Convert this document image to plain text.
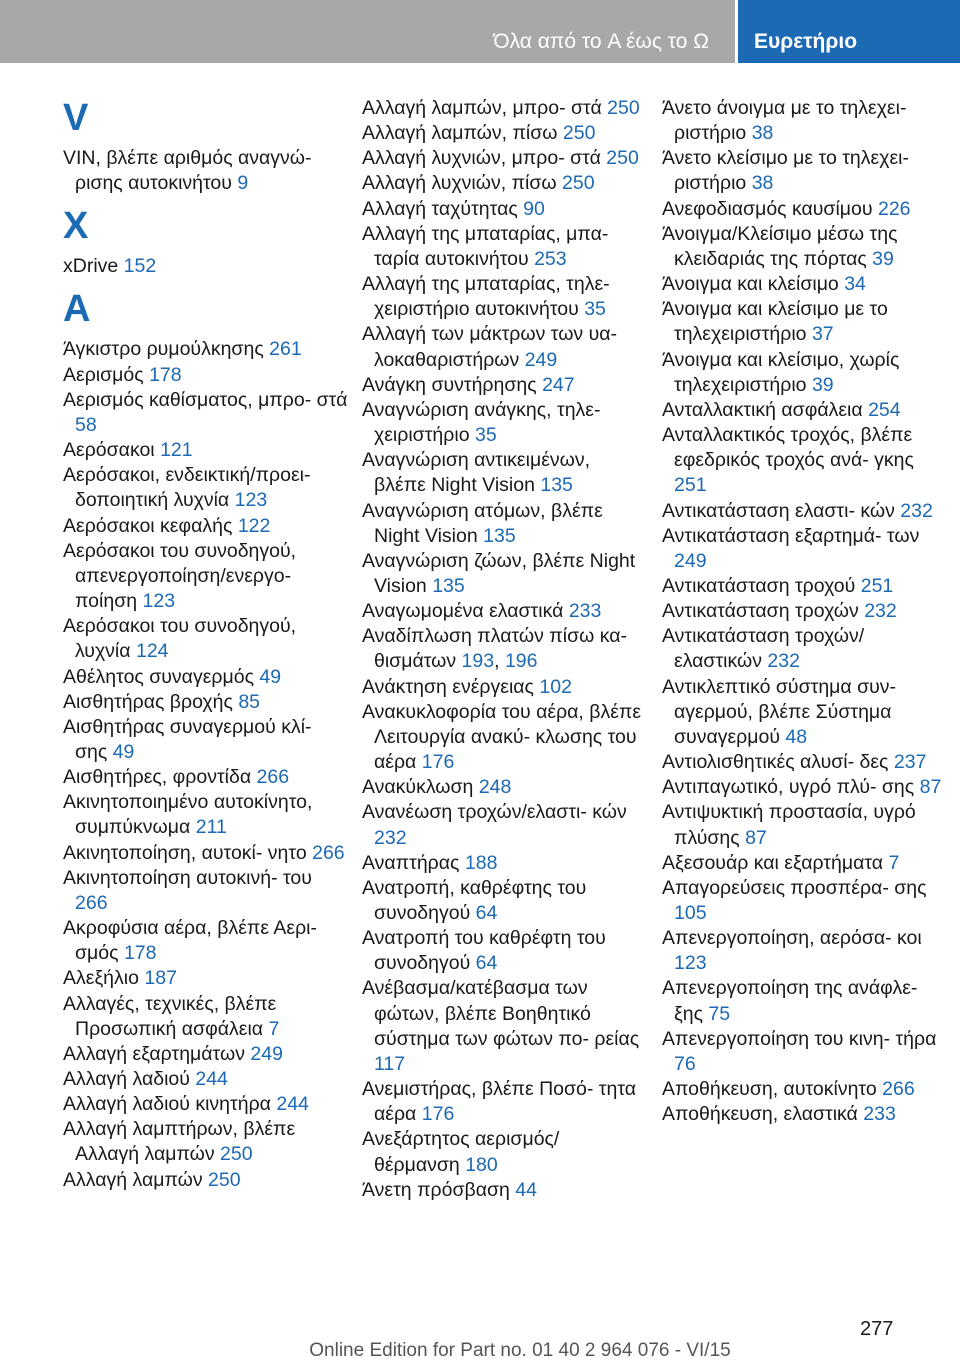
Όλα από το A έως το Ω Ευρετήριο
V
VIN, βλέπε αριθμός αναγνώ‐ ρισης αυτοκινήτου 9
X
xDrive 152
Α
Άγκιστρο ρυμούλκησης 261
Αερισμός 178
Αερισμός καθίσματος, μπρο‐ στά 58
Αερόσακοι 121
Αερόσακοι, ενδεικτική/προει‐ δοποιητική λυχνία 123
Αερόσακοι κεφαλής 122
Αερόσακοι του συνοδηγού, απενεργοποίηση/ενεργο‐ ποίηση 123
Αερόσακοι του συνοδηγού, λυχνία 124
Αθέλητος συναγερμός 49
Αισθητήρας βροχής 85
Αισθητήρας συναγερμού κλί‐ σης 49
Αισθητήρες, φροντίδα 266
Ακινητοποιημένο αυτοκίνητο, συμπύκνωμα 211
Ακινητοποίηση, αυτοκί‐ νητο 266
Ακινητοποίηση αυτοκινή‐ του 266
Ακροφύσια αέρα, βλέπε Αερι‐ σμός 178
Αλεξήλιο 187
Αλλαγές, τεχνικές, βλέπε Προσωπική ασφάλεια 7
Αλλαγή εξαρτημάτων 249
Αλλαγή λαδιού 244
Αλλαγή λαδιού κινητήρα 244
Αλλαγή λαμπτήρων, βλέπε Αλλαγή λαμπών 250
Αλλαγή λαμπών 250
Αλλαγή λαμπών, μπρο‐ στά 250
Αλλαγή λαμπών, πίσω 250
Αλλαγή λυχνιών, μπρο‐ στά 250
Αλλαγή λυχνιών, πίσω 250
Αλλαγή ταχύτητας 90
Αλλαγή της μπαταρίας, μπα‐ ταρία αυτοκινήτου 253
Αλλαγή της μπαταρίας, τηλε‐ χειριστήριο αυτοκινήτου 35
Αλλαγή των μάκτρων των υα‐ λοκαθαριστήρων 249
Ανάγκη συντήρησης 247
Αναγνώριση ανάγκης, τηλε‐ χειριστήριο 35
Αναγνώριση αντικειμένων, βλέπε Night Vision 135
Αναγνώριση ατόμων, βλέπε Night Vision 135
Αναγνώριση ζώων, βλέπε Night Vision 135
Αναγωμομένα ελαστικά 233
Αναδίπλωση πλατών πίσω κα‐ θισμάτων 193, 196
Ανάκτηση ενέργειας 102
Ανακυκλοφορία του αέρα, βλέπε Λειτουργία ανακύ‐ κλωσης του αέρα 176
Ανακύκλωση 248
Ανανέωση τροχών/ελαστι‐ κών 232
Αναπτήρας 188
Ανατροπή, καθρέφτης του συνοδηγού 64
Ανατροπή του καθρέφτη του συνοδηγού 64
Ανέβασμα/κατέβασμα των φώτων, βλέπε Βοηθητικό σύστημα των φώτων πο‐ ρείας 117
Ανεμιστήρας, βλέπε Ποσό‐ τητα αέρα 176
Ανεξάρτητος αερισμός/ θέρμανση 180
Άνετη πρόσβαση 44
Άνετο άνοιγμα με το τηλεχει‐ ριστήριο 38
Άνετο κλείσιμο με το τηλεχει‐ ριστήριο 38
Ανεφοδιασμός καυσίμου 226
Άνοιγμα/Κλείσιμο μέσω της κλειδαριάς της πόρτας 39
Άνοιγμα και κλείσιμο 34
Άνοιγμα και κλείσιμο με το τηλεχειριστήριο 37
Άνοιγμα και κλείσιμο, χωρίς τηλεχειριστήριο 39
Ανταλλακτική ασφάλεια 254
Ανταλλακτικός τροχός, βλέπε εφεδρικός τροχός ανά‐ γκης 251
Αντικατάσταση ελαστι‐ κών 232
Αντικατάσταση εξαρτημά‐ των 249
Αντικατάσταση τροχού 251
Αντικατάσταση τροχών 232
Αντικατάσταση τροχών/ ελαστικών 232
Αντικλεπτικό σύστημα συν‐ αγερμού, βλέπε Σύστημα συναγερμού 48
Αντιολισθητικές αλυσί‐ δες 237
Αντιπαγωτικό, υγρό πλύ‐ σης 87
Αντιψυκτική προστασία, υγρό πλύσης 87
Αξεσουάρ και εξαρτήματα 7
Απαγορεύσεις προσπέρα‐ σης 105
Απενεργοποίηση, αερόσα‐ κοι 123
Απενεργοποίηση της ανάφλε‐ ξης 75
Απενεργοποίηση του κινη‐ τήρα 76
Αποθήκευση, αυτοκίνητο 266
Αποθήκευση, ελαστικά 233
277
Online Edition for Part no. 01 40 2 964 076 - VI/15
